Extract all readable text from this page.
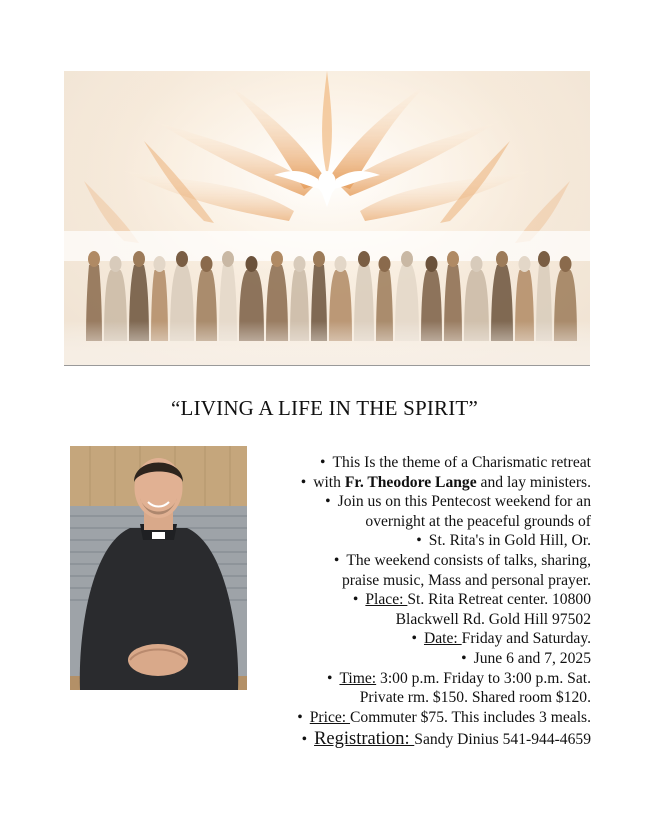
“LIVING A LIFE IN THE SPIRIT”
• This Is the theme of a Charismatic retreat
• with Fr. Theodore Lange and lay ministers.
• Join us on this Pentecost weekend for an
overnight at the peaceful grounds of
• St. Rita's in Gold Hill, Or.
• The weekend consists of talks, sharing,
praise music, Mass and personal prayer.
• Place: St. Rita Retreat center. 10800
Blackwell Rd. Gold Hill 97502
• Date: Friday and Saturday.
• June 6 and 7, 2025
• Time: 3:00 p.m. Friday to 3:00 p.m. Sat.
Private rm. $150. Shared room $120.
• Price: Commuter $75. This includes 3 meals.
• Registration: Sandy Dinius 541-944-4659
